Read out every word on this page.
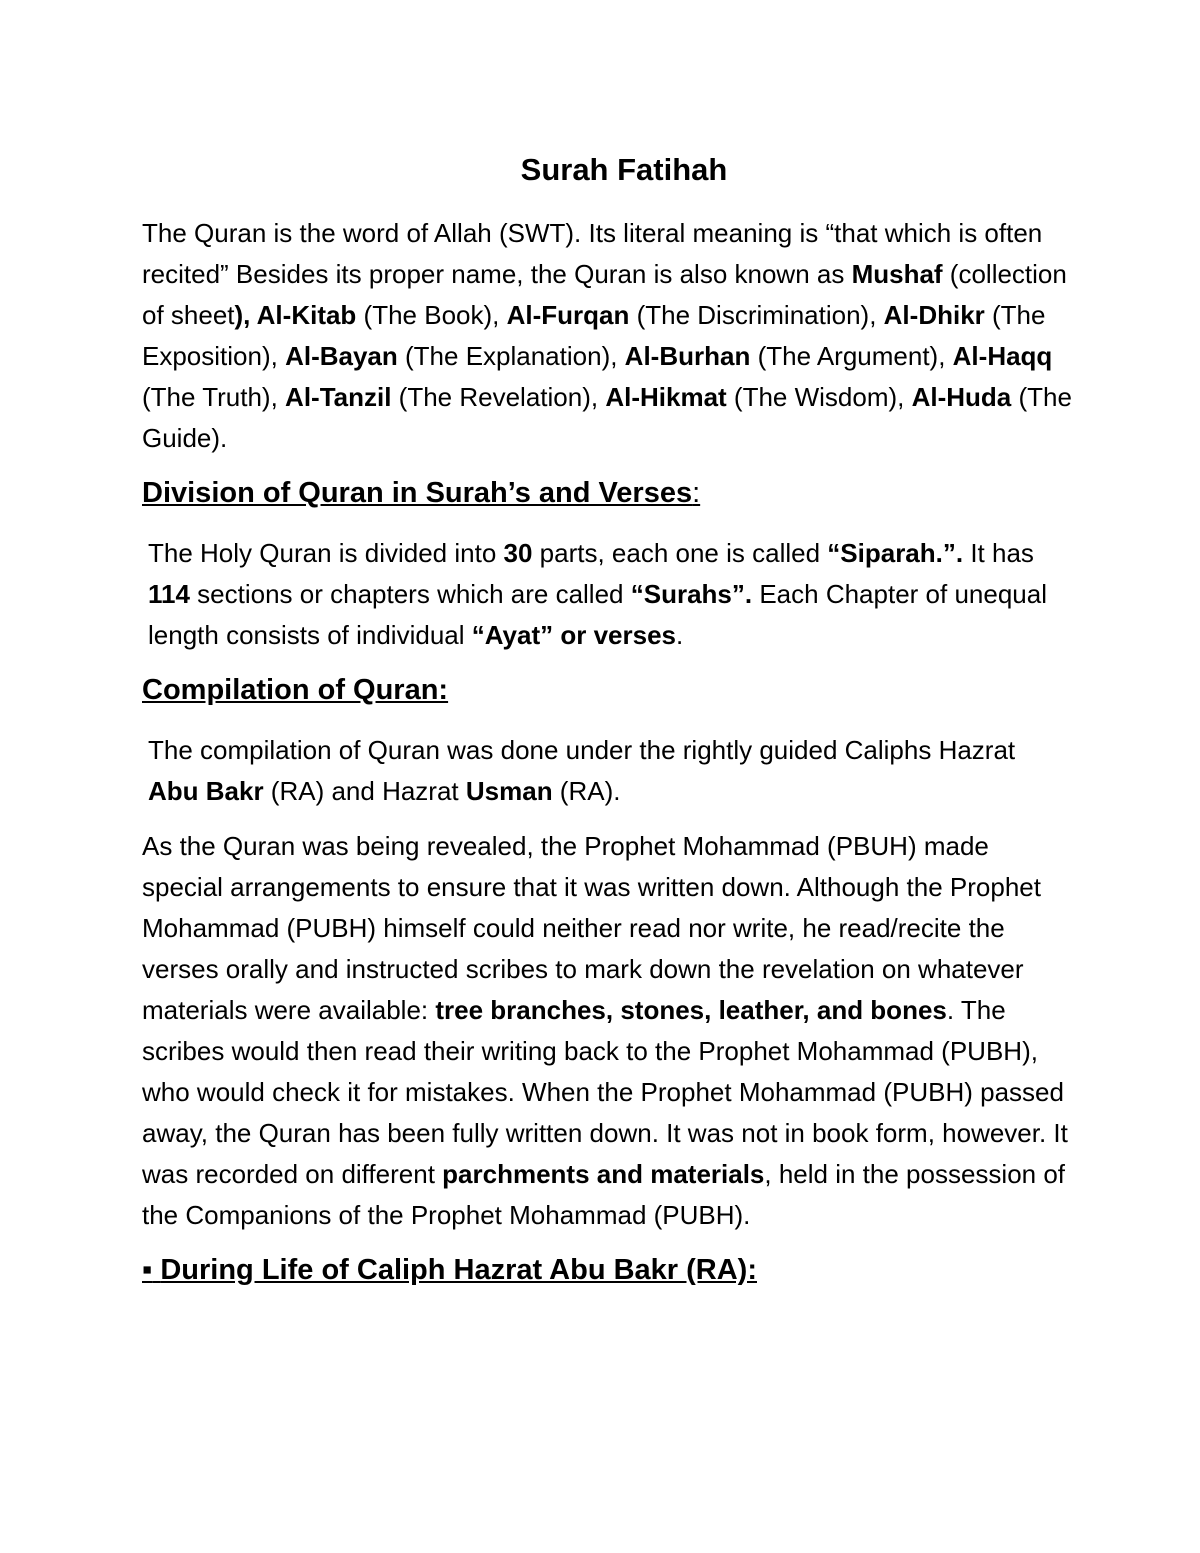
Surah Fatihah

The Quran is the word of Allah (SWT). Its literal meaning is “that which is often recited” Besides its proper name, the Quran is also known as Mushaf (collection of sheet), Al-Kitab (The Book), Al-Furqan (The Discrimination), Al-Dhikr (The Exposition), Al-Bayan (The Explanation), Al-Burhan (The Argument), Al-Haqq (The Truth), Al-Tanzil (The Revelation), Al-Hikmat (The Wisdom), Al-Huda (The Guide).

Division of Quran in Surah’s and Verses:

The Holy Quran is divided into 30 parts, each one is called “Siparah.”. It has 114 sections or chapters which are called “Surahs”. Each Chapter of unequal length consists of individual “Ayat” or verses.

Compilation of Quran:

The compilation of Quran was done under the rightly guided Caliphs Hazrat Abu Bakr (RA) and Hazrat Usman (RA).

As the Quran was being revealed, the Prophet Mohammad (PBUH) made special arrangements to ensure that it was written down. Although the Prophet Mohammad (PUBH) himself could neither read nor write, he read/recite the verses orally and instructed scribes to mark down the revelation on whatever materials were available: tree branches, stones, leather, and bones. The scribes would then read their writing back to the Prophet Mohammad (PUBH), who would check it for mistakes. When the Prophet Mohammad (PUBH) passed away, the Quran has been fully written down. It was not in book form, however. It was recorded on different parchments and materials, held in the possession of the Companions of the Prophet Mohammad (PUBH).

▪ During Life of Caliph Hazrat Abu Bakr (RA):
